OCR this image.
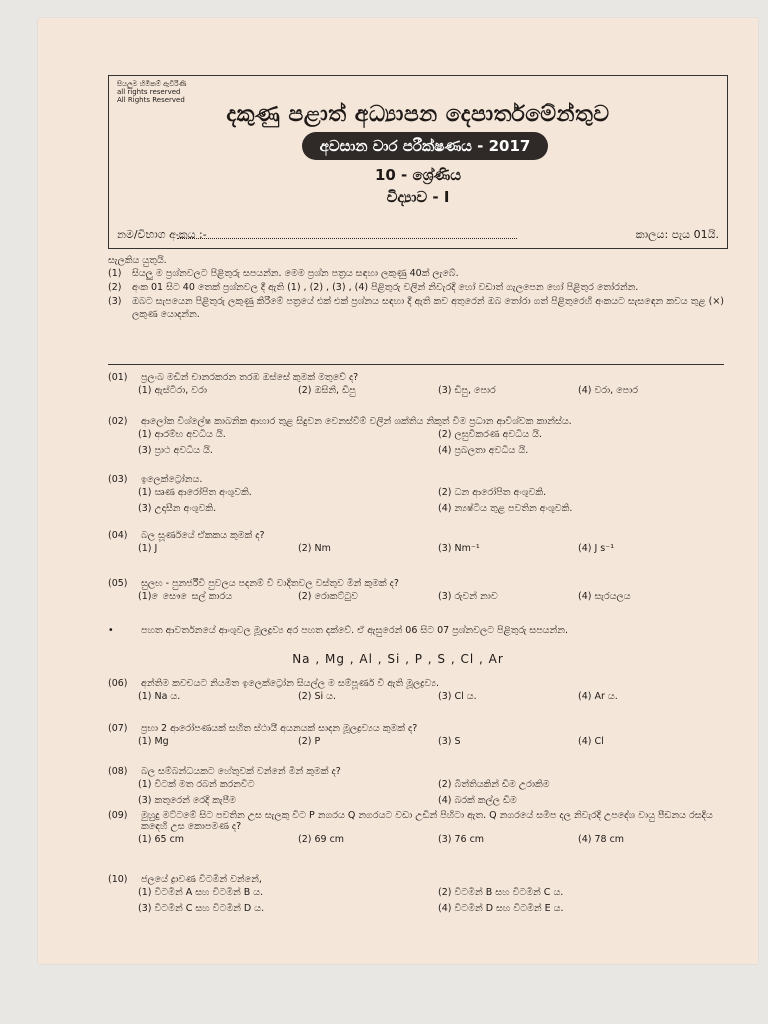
සියලුම හිමිකම් ඇවිරිණි
all rights reserved
All Rights Reserved
දකුණු පළාත් අධ්‍යාපන දෙපාර්තමේන්තුව
අවසාන වාර පරීක්ෂණය - 2017
10 - ශ්‍රේණිය
විද්‍යාව - I
නම/විභාග අංකය :-	කාලය: පැය 01යි.
සැලකිය යුතුයි.
(1)	සියලු ම ප්‍රශ්නවලට පිළිතුරු සපයන්න. මෙම ප්‍රශ්න පත්‍රය සඳහා ලකුණු 40ක් ලැබේ.
(2)	අංක 01 සිට 40 තෙක් ප්‍රශ්නවල දී ඇති (1) , (2) , (3) , (4) පිළිතුරු වලින් නිවැරදි හෝ වඩාත් ගැලපෙන හෝ පිළිතුර තෝරන්න.
(3)	ඔබට සැපයෙන පිළිතුරු ලකුණු කිරීමේ පත්‍රයේ එක් එක් ප්‍රශ්නය සඳහා දී ඇති කව අතුරෙන් ඔබ තෝරා ගත් පිළිතුරෙහි අංකයට සැසඳෙන කවය තුළ (×) ලකුණ යොදන්න.
(01)	ප්‍රලංබ මඩින් චානරකරන තරඹ ඔස්සේ කුමක් මතුවේ ද?
(1) ඇස්ටිරා, වරා	(2) ඔසිනි, ඩිපු	(3) ඩිපු, පොර	(4) වරා, පොර
(02)	ආලෝක විශ්ලේෂ කාබනික ආහාර තුළ සිදුවන වෙනස්වීම් වලින් ශක්තිය නිකුත් වීම ප්‍රධාන ආවිශ්වක කාන්ස්ය.
(1) ආරම්භ අවධිය යි.	(2) ලඝුවීකරණ අවධිය යි.
(3) ප්‍රාථ අවධිය යි.	(4) ප්‍රබලතා අවධිය යි.
(03)	ඉලෙක්ට්‍රෝනය.
(1) ඍණ ආරෝපිත අංශුවකි.	(2) ධන ආරෝපිත අංශුවකි.
(3) උදාසීන අංශුවකි.	(4) න්‍යෂ්ටිය තුළ පවතින අංශුවකි.
(04)	බල සූර්ණයේ ඒකකය කුමක් ද?
(1) J	(2) Nm	(3) Nm⁻¹	(4) J s⁻¹
(05)	සුලභ - පුනර්ජීවී පුවලය පදනම් වී වාදිතවල වස්තුව මින් කුමක් ද?
(1) ෙසෞ ෙසල් කාරය	(2) රොකට්ටුව	(3) රුවන් නාව	(4) සැරයලය
•	පහත ආවර්තනයේ ආංශුවල මූලද්‍රව්‍ය අර පහත දක්වේ. ඒ ඇසුරෙන් 06 සිට 07 ප්‍රශ්නවලට පිළිතුරු සපයන්න.
(06)	අන්තිම කවචයට නියමිත ඉලෙක්ට්‍රෝන සියල්ල ම සම්පූර්ණ වී ඇති මූලද්‍රව්‍ය.
(1) Na ය.	(2) Si ය.	(3) Cl ය.	(4) Ar ය.
(07)	ප්‍රභා 2 ආරෝපණයක් සහිත ස්ථායී අයනයක් සාදන මූලද්‍රව්‍යය කුමක් ද?
(1) Mg	(2) P	(3) S	(4) Cl
(08)	බල සම්බන්ධයකට හේතුවක් වන්නේ මින් කුමක් ද?
(1) විටක් මත රබන් කරනවිට	(2) බිත්තියකින් ඩිම උරාකිම
(3) කතුරෙන් රෙදි කැපීම	(4) බරක් කල්ල ඩිම
(09)	මුහුදු මට්ටමේ සිට පවතින උස සැලකු විට P නගරය Q නගරයට වඩා උඩින් පිහිටා ඇත. Q නගරයේ සමීප දල නිවැරදි උපදේශ වායු පීඩනය රසදිය කඳෙහි උස කොපමණ ද?
(1) 65 cm	(2) 69 cm	(3) 76 cm	(4) 78 cm
(10)	ජලයේ ද්‍රාවණ විටමින් වන්නේ,
(1) විටමින් A සහ විටමින් B ය.	(2) විටමින් B සහ විටමින් C ය.
(3) විටමින් C සහ විටමින් D ය.	(4) විටමින් D සහ විටමින් E ය.
Na , Mg , Al , Si , P , S , Cl , Ar
